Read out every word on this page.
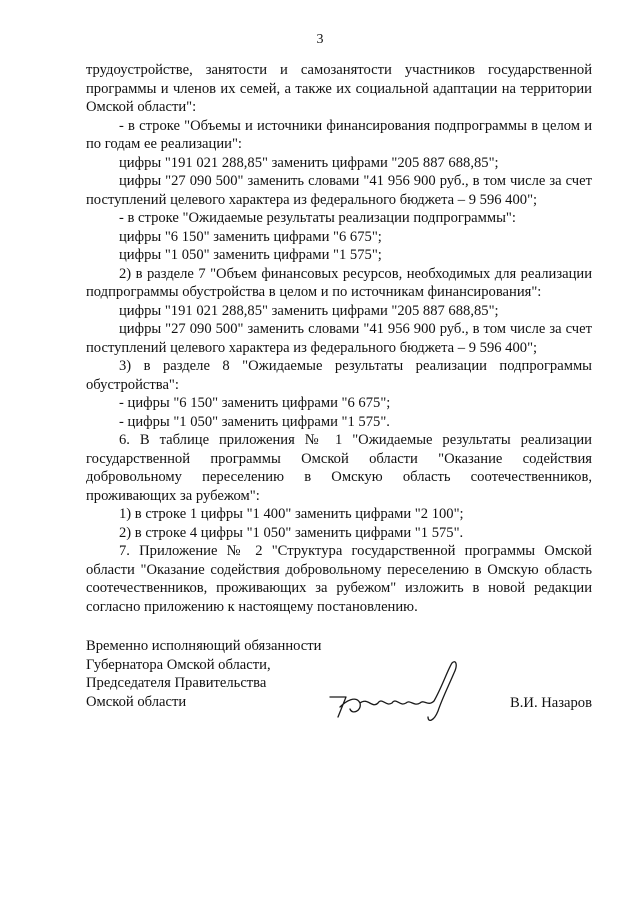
3

трудоустройстве, занятости и самозанятости участников государственной программы и членов их семей, а также их социальной адаптации на территории Омской области":

- в строке "Объемы и источники финансирования подпрограммы в целом и по годам ее реализации":

цифры "191 021 288,85" заменить цифрами "205 887 688,85";

цифры "27 090 500" заменить словами "41 956 900 руб., в том числе за счет поступлений целевого характера из федерального бюджета – 9 596 400";

- в строке "Ожидаемые результаты реализации подпрограммы":

цифры "6 150" заменить цифрами "6 675";

цифры "1 050" заменить цифрами "1 575";

2) в разделе 7 "Объем финансовых ресурсов, необходимых для реализации подпрограммы обустройства в целом и по источникам финансирования":

цифры "191 021 288,85" заменить цифрами "205 887 688,85";

цифры "27 090 500" заменить словами "41 956 900 руб., в том числе за счет поступлений целевого характера из федерального бюджета – 9 596 400";

3) в разделе 8 "Ожидаемые результаты реализации подпрограммы обустройства":

- цифры "6 150" заменить цифрами "6 675";

- цифры "1 050" заменить цифрами "1 575".

6. В таблице приложения № 1 "Ожидаемые результаты реализации государственной программы Омской области "Оказание содействия добровольному переселению в Омскую область соотечественников, проживающих за рубежом":

1) в строке 1 цифры "1 400" заменить цифрами "2 100";

2) в строке 4 цифры "1 050" заменить цифрами "1 575".

7. Приложение № 2 "Структура государственной программы Омской области "Оказание содействия добровольному переселению в Омскую область соотечественников, проживающих за рубежом" изложить в новой редакции согласно приложению к настоящему постановлению.

Временно исполняющий обязанности
Губернатора Омской области,
Председателя Правительства
Омской области	В.И. Назаров
